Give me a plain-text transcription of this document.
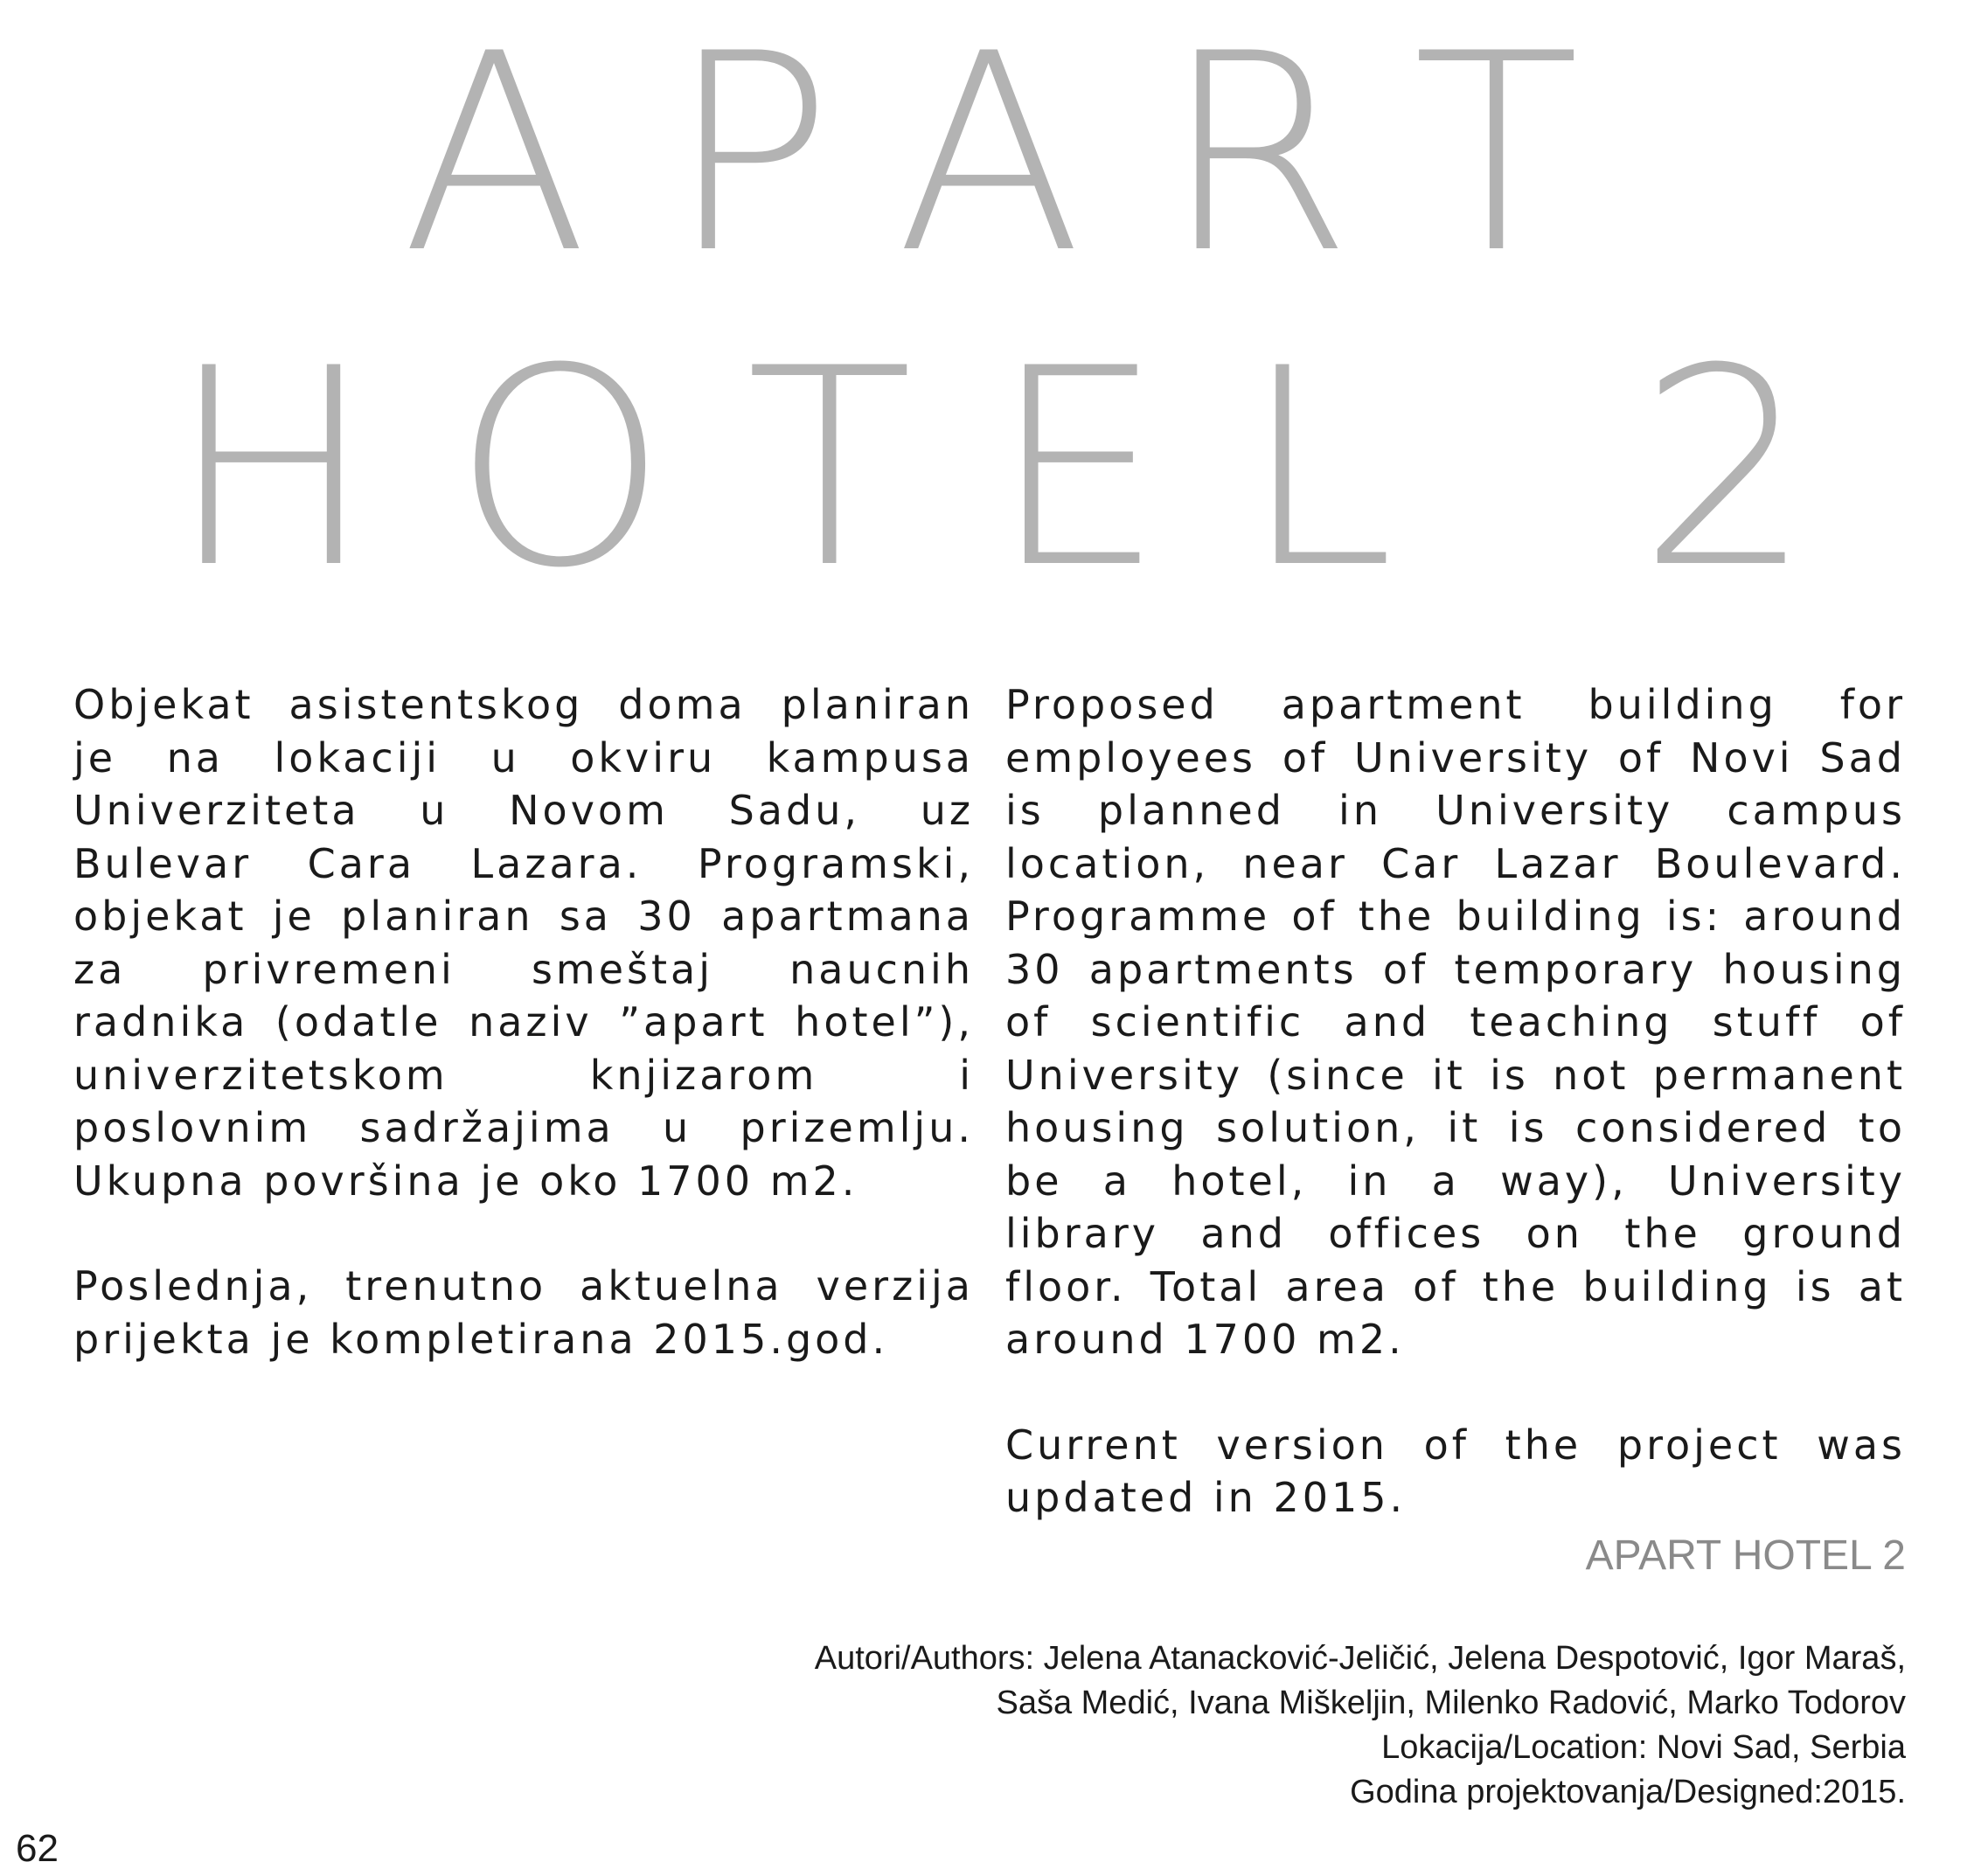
APART
HOTEL 2

Objekat asistentskog doma planiran je na lokaciji u okviru kampusa Univerziteta u Novom Sadu, uz Bulevar Cara Lazara. Programski, objekat je planiran sa 30 apartmana za privremeni smeštaj naucnih radnika (odatle naziv ”apart hotel”), univerzitetskom knjizarom i poslovnim sadržajima u prizemlju. Ukupna površina je oko 1700 m2.

Poslednja, trenutno aktuelna verzija prijekta je kompletirana 2015.god.

Proposed apartment building for employees of University of Novi Sad is planned in University campus location, near Car Lazar Boulevard. Programme of the building is: around 30 apartments of temporary housing of scientific and teaching stuff of University (since it is not permanent housing solution, it is considered to be a hotel, in a way), University library and offices on the ground floor. Total area of the building is at around 1700 m2.

Current version of the project was updated in 2015.

APART HOTEL 2
Autori/Authors: Jelena Atanacković-Jeličić, Jelena Despotović, Igor Maraš,
Saša Medić, Ivana Miškeljin, Milenko Radović, Marko Todorov
Lokacija/Location: Novi Sad, Serbia
Godina projektovanja/Designed:2015.
62
